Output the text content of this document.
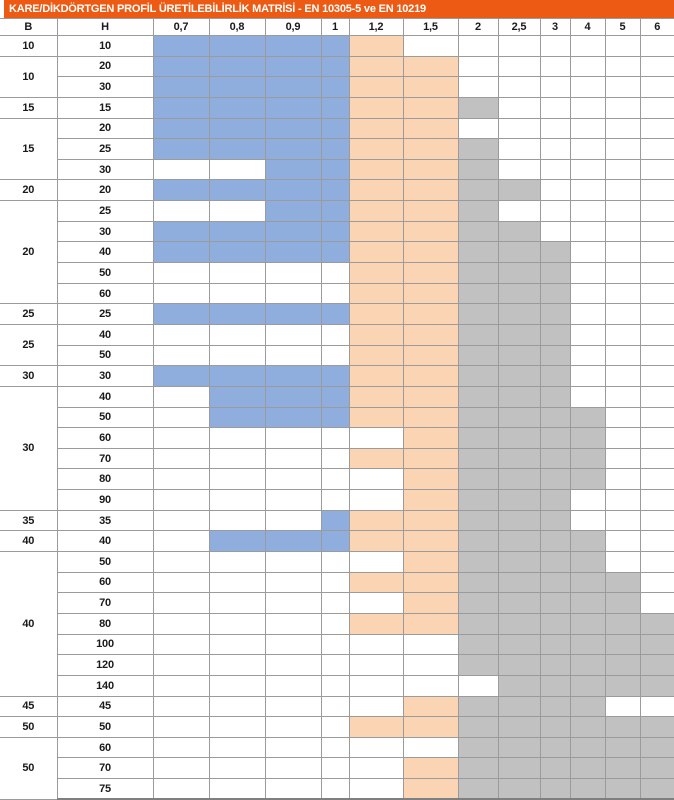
KARE/DİKDÖRTGEN PROFİL ÜRETİLEBİLİRLİK MATRİSİ - EN 10305-5 ve EN 10219
B	H	0,7	0,8	0,9	1	1,2	1,5	2	2,5	3	4	5	6
10	10												
10	20												
	30												
15	15												
15	20												
	25												
	30												
20	20												
20	25												
	30												
	40												
	50												
	60												
25	25												
25	40												
	50												
30	30												
30	40												
	50												
	60												
	70												
	80												
	90												
35	35												
40	40												
40	50												
	60												
	70												
	80												
	100												
	120												
	140												
45	45												
50	50												
50	60												
	70												
	75												
